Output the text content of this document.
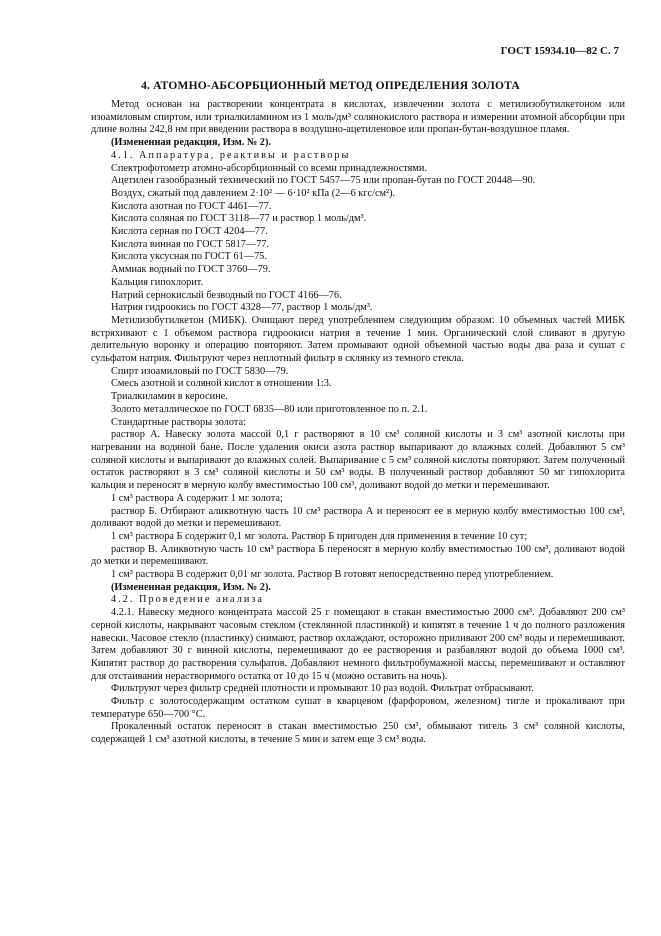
ГОСТ 15934.10—82 С. 7
4. АТОМНО-АБСОРБЦИОННЫЙ МЕТОД ОПРЕДЕЛЕНИЯ ЗОЛОТА

Метод основан на растворении концентрата в кислотах, извлечении золота с метилизобутилкетоном или изоамиловым спиртом, или триалкиламином из 1 моль/дм³ солянокислого раствора и измерении атомной абсорбции при длине волны 242,8 нм при введении раствора в воздушно-ацетиленовое или пропан-бутан-воздушное пламя.

(Измененная редакция, Изм. № 2).

4.1. Аппаратура, реактивы и растворы

Спектрофотометр атомно-абсорбционный со всеми принадлежностями.

Ацетилен газообразный технический по ГОСТ 5457—75 или пропан-бутан по ГОСТ 20448—90.

Воздух, сжатый под давлением 2·10² — 6·10² кПа (2—6 кгс/см²).

Кислота азотная по ГОСТ 4461—77.

Кислота соляная по ГОСТ 3118—77 и раствор 1 моль/дм³.

Кислота серная по ГОСТ 4204—77.

Кислота винная по ГОСТ 5817—77.

Кислота уксусная по ГОСТ 61—75.

Аммиак водный по ГОСТ 3760—79.

Кальция гипохлорит.

Натрий сернокислый безводный по ГОСТ 4166—76.

Натрия гидроокись по ГОСТ 4328—77, раствор 1 моль/дм³.

Метилизобутилкетон (МИБК). Очищают перед употреблением следующим образом: 10 объемных частей МИБК встряхивают с 1 объемом раствора гидроокиси натрия в течение 1 мин. Органический слой сливают в другую делительную воронку и операцию повторяют. Затем промывают одной объемной частью воды два раза и сушат с сульфатом натрия. Фильтруют через неплотный фильтр в склянку из темного стекла.

Спирт изоамиловый по ГОСТ 5830—79.

Смесь азотной и соляной кислот в отношении 1:3.

Триалкиламин в керосине.

Золото металлическое по ГОСТ 6835—80 или приготовленное по п. 2.1.

Стандартные растворы золота:

раствор А. Навеску золота массой 0,1 г растворяют в 10 см³ соляной кислоты и 3 см³ азотной кислоты при нагревании на водяной бане. После удаления окиси азота раствор выпаривают до влажных солей. Добавляют 5 см³ соляной кислоты и выпаривают до влажных солей. Выпаривание с 5 см³ соляной кислоты повторяют. Затем полученный остаток растворяют в 3 см³ соляной кислоты и 50 см³ воды. В полученный раствор добавляют 50 мг гипохлорита кальция и переносят в мерную колбу вместимостью 100 см³, доливают водой до метки и перемешивают.

1 см³ раствора А содержит 1 мг золота;

раствор Б. Отбирают аликвотную часть 10 см³ раствора А и переносят ее в мерную колбу вместимостью 100 см³, доливают водой до метки и перемешивают.

1 см³ раствора Б содержит 0,1 мг золота. Раствор Б пригоден для применения в течение 10 сут;

раствор В. Аликвотную часть 10 см³ раствора Б переносят в мерную колбу вместимостью 100 см³, доливают водой до метки и перемешивают.

1 см³ раствора В содержит 0,01 мг золота. Раствор В готовят непосредственно перед употреблением.

(Измененная редакция, Изм. № 2).

4.2. Проведение анализа

4.2.1. Навеску медного концентрата массой 25 г помещают в стакан вместимостью 2000 см³. Добавляют 200 см³ серной кислоты, накрывают часовым стеклом (стеклянной пластинкой) и кипятят в течение 1 ч до полного разложения навески. Часовое стекло (пластинку) снимают, раствор охлаждают, осторожно приливают 200 см³ воды и перемешивают. Затем добавляют 30 г винной кислоты, перемешивают до ее растворения и разбавляют водой до объема 1000 см³. Кипятят раствор до растворения сульфатов. Добавляют немного фильтробумажной массы, перемешивают и оставляют для отстаивания нерастворимого остатка от 10 до 15 ч (можно оставить на ночь).

Фильтруют через фильтр средней плотности и промывают 10 раз водой. Фильтрат отбрасывают.

Фильтр с золотосодержащим остатком сушат в кварцевом (фарфоровом, железном) тигле и прокаливают при температуре 650—700 °С.

Прокаленный остаток переносят в стакан вместимостью 250 см³, обмывают тигель 3 см³ соляной кислоты, содержащей 1 см³ азотной кислоты, в течение 5 мин и затем еще 3 см³ воды.
